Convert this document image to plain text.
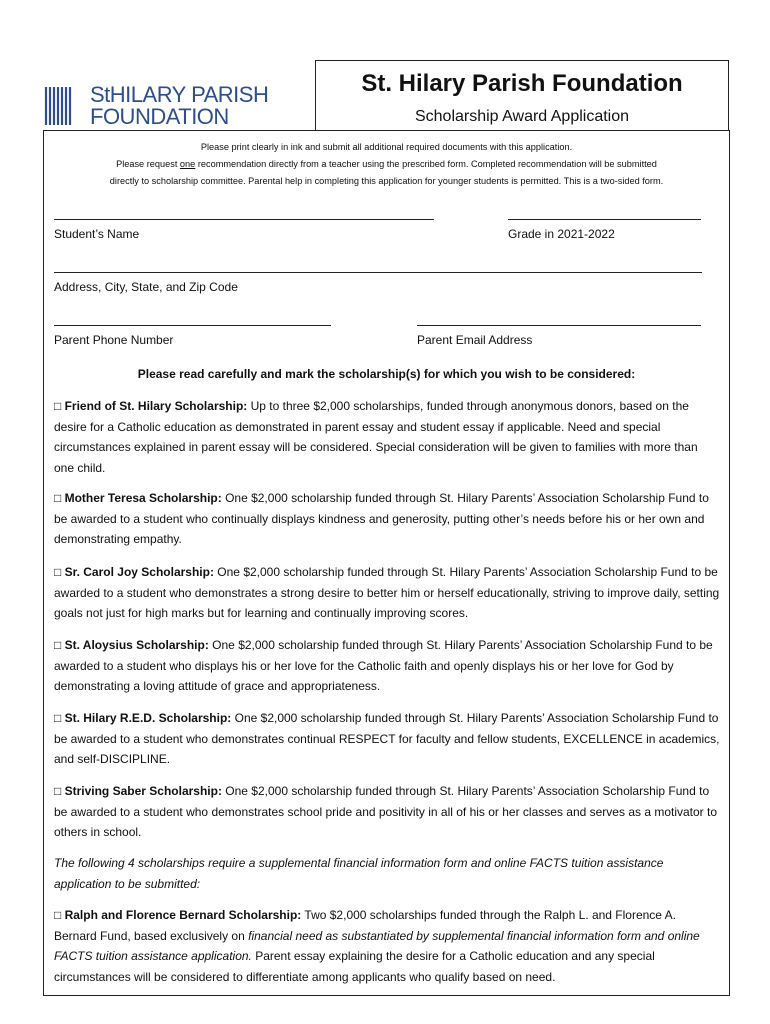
StHILARY PARISH
FOUNDATION
St. Hilary Parish Foundation
Scholarship Award Application
Please print clearly in ink and submit all additional required documents with this application.
Please request one recommendation directly from a teacher using the prescribed form. Completed recommendation will be submitted
directly to scholarship committee. Parental help in completing this application for younger students is permitted. This is a two-sided form.
Student’s Name	Grade in 2021-2022
Address, City, State, and Zip Code
Parent Phone Number	Parent Email Address
Please read carefully and mark the scholarship(s) for which you wish to be considered:
□ Friend of St. Hilary Scholarship: Up to three $2,000 scholarships, funded through anonymous donors, based on the desire for a Catholic education as demonstrated in parent essay and student essay if applicable. Need and special circumstances explained in parent essay will be considered. Special consideration will be given to families with more than one child.
□ Mother Teresa Scholarship: One $2,000 scholarship funded through St. Hilary Parents’ Association Scholarship Fund to be awarded to a student who continually displays kindness and generosity, putting other’s needs before his or her own and demonstrating empathy.
□ Sr. Carol Joy Scholarship: One $2,000 scholarship funded through St. Hilary Parents’ Association Scholarship Fund to be awarded to a student who demonstrates a strong desire to better him or herself educationally, striving to improve daily, setting goals not just for high marks but for learning and continually improving scores.
□ St. Aloysius Scholarship: One $2,000 scholarship funded through St. Hilary Parents’ Association Scholarship Fund to be awarded to a student who displays his or her love for the Catholic faith and openly displays his or her love for God by demonstrating a loving attitude of grace and appropriateness.
□ St. Hilary R.E.D. Scholarship: One $2,000 scholarship funded through St. Hilary Parents’ Association Scholarship Fund to be awarded to a student who demonstrates continual RESPECT for faculty and fellow students, EXCELLENCE in academics, and self-DISCIPLINE.
□ Striving Saber Scholarship: One $2,000 scholarship funded through St. Hilary Parents’ Association Scholarship Fund to be awarded to a student who demonstrates school pride and positivity in all of his or her classes and serves as a motivator to others in school.
The following 4 scholarships require a supplemental financial information form and online FACTS tuition assistance application to be submitted:
□ Ralph and Florence Bernard Scholarship: Two $2,000 scholarships funded through the Ralph L. and Florence A. Bernard Fund, based exclusively on financial need as substantiated by supplemental financial information form and online FACTS tuition assistance application. Parent essay explaining the desire for a Catholic education and any special circumstances will be considered to differentiate among applicants who qualify based on need.
